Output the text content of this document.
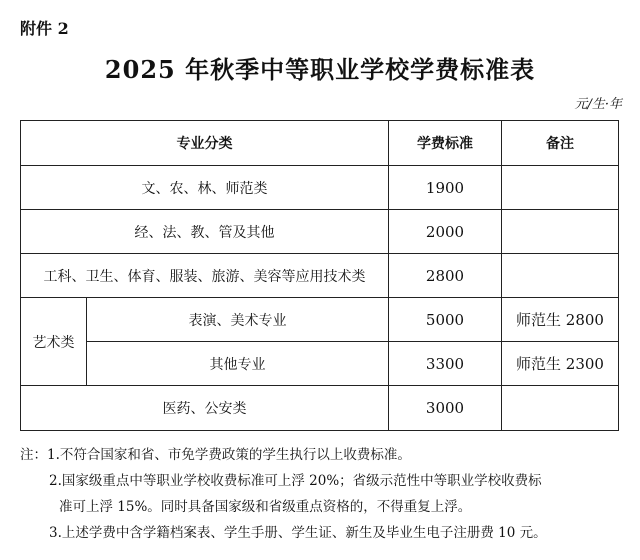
附件 2
2025 年秋季中等职业学校学费标准表
元/生·年
专业分类		学费标准	备注
文、农、林、师范类		1900	
经、法、教、管及其他		2000	
工科、卫生、体育、服装、旅游、美容等应用技术类		2800	
艺术类	表演、美术专业	5000	师范生 2800
	其他专业	3300	师范生 2300
医药、公安类		3000	
注：1.不符合国家和省、市免学费政策的学生执行以上收费标准。
2.国家级重点中等职业学校收费标准可上浮 20%；省级示范性中等职业学校收费标
准可上浮 15%。同时具备国家级和省级重点资格的，不得重复上浮。
3.上述学费中含学籍档案表、学生手册、学生证、新生及毕业生电子注册费 10 元。
